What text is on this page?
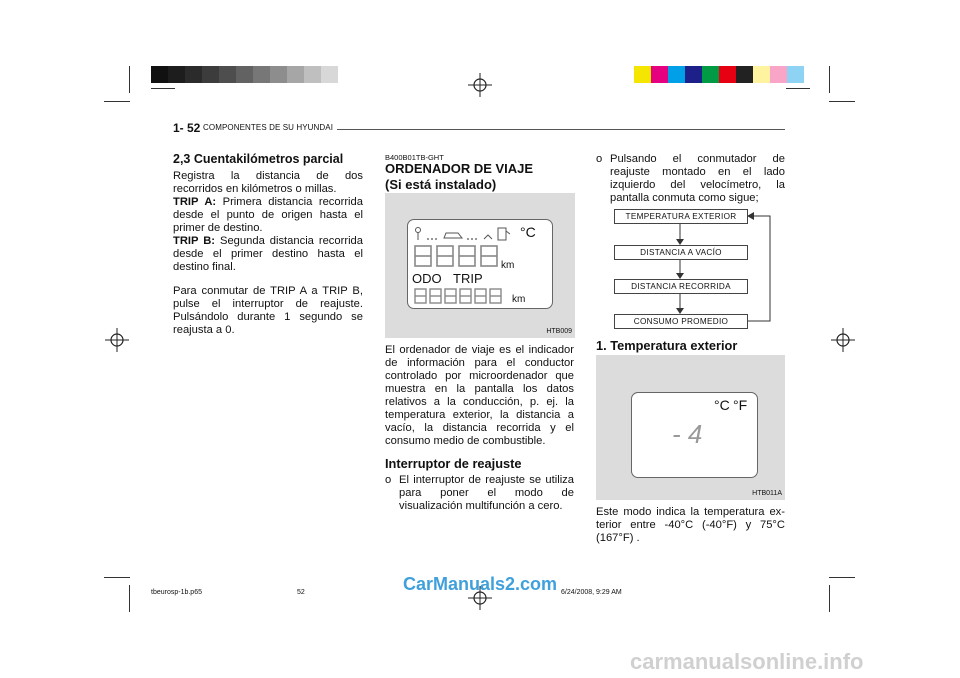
1- 52 COMPONENTES DE SU HYUNDAI
2,3 Cuentakilómetros parcial

Registra la distancia de dos recorridos en kilómetros o millas.

TRIP A: Primera distancia recorrida desde el punto de origen hasta el primer de destino.

TRIP B: Segunda distancia recorrida desde el primer destino hasta el destino final.

Para conmutar de TRIP A a TRIP B, pulse el interruptor de reajuste. Pulsándolo durante 1 segundo se reajusta a 0.

B400B01TB-GHT
ORDENADOR DE VIAJE
(Si está instalado)
°C
km
ODO TRIP
km
HTB009

El ordenador de viaje es el indicador de información para el conductor controlado por microordenador que muestra en la pantalla los datos relativos a la conducción, p. ej. la temperatura exterior, la distancia a vacío, la distancia recorrida y el consumo medio de combustible.

Interruptor de reajuste
o El interruptor de reajuste se utiliza para poner el modo de visualización multifunción a cero.

o Pulsando el conmutador de reajuste montado en el lado izquierdo del velocímetro, la pantalla conmuta como sigue;

TEMPERATURA EXTERIOR
DISTANCIA A VACÍO
DISTANCIA RECORRIDA
CONSUMO PROMEDIO
1. Temperatura exterior
°C °F
- 4
HTB011A

Este modo indica la temperatura ex-terior entre -40°C (-40°F) y 75°C (167°F) .

tbeurosp-1b.p65	52	6/24/2008, 9:29 AM
CarManuals2.com
carmanualsonline.info
